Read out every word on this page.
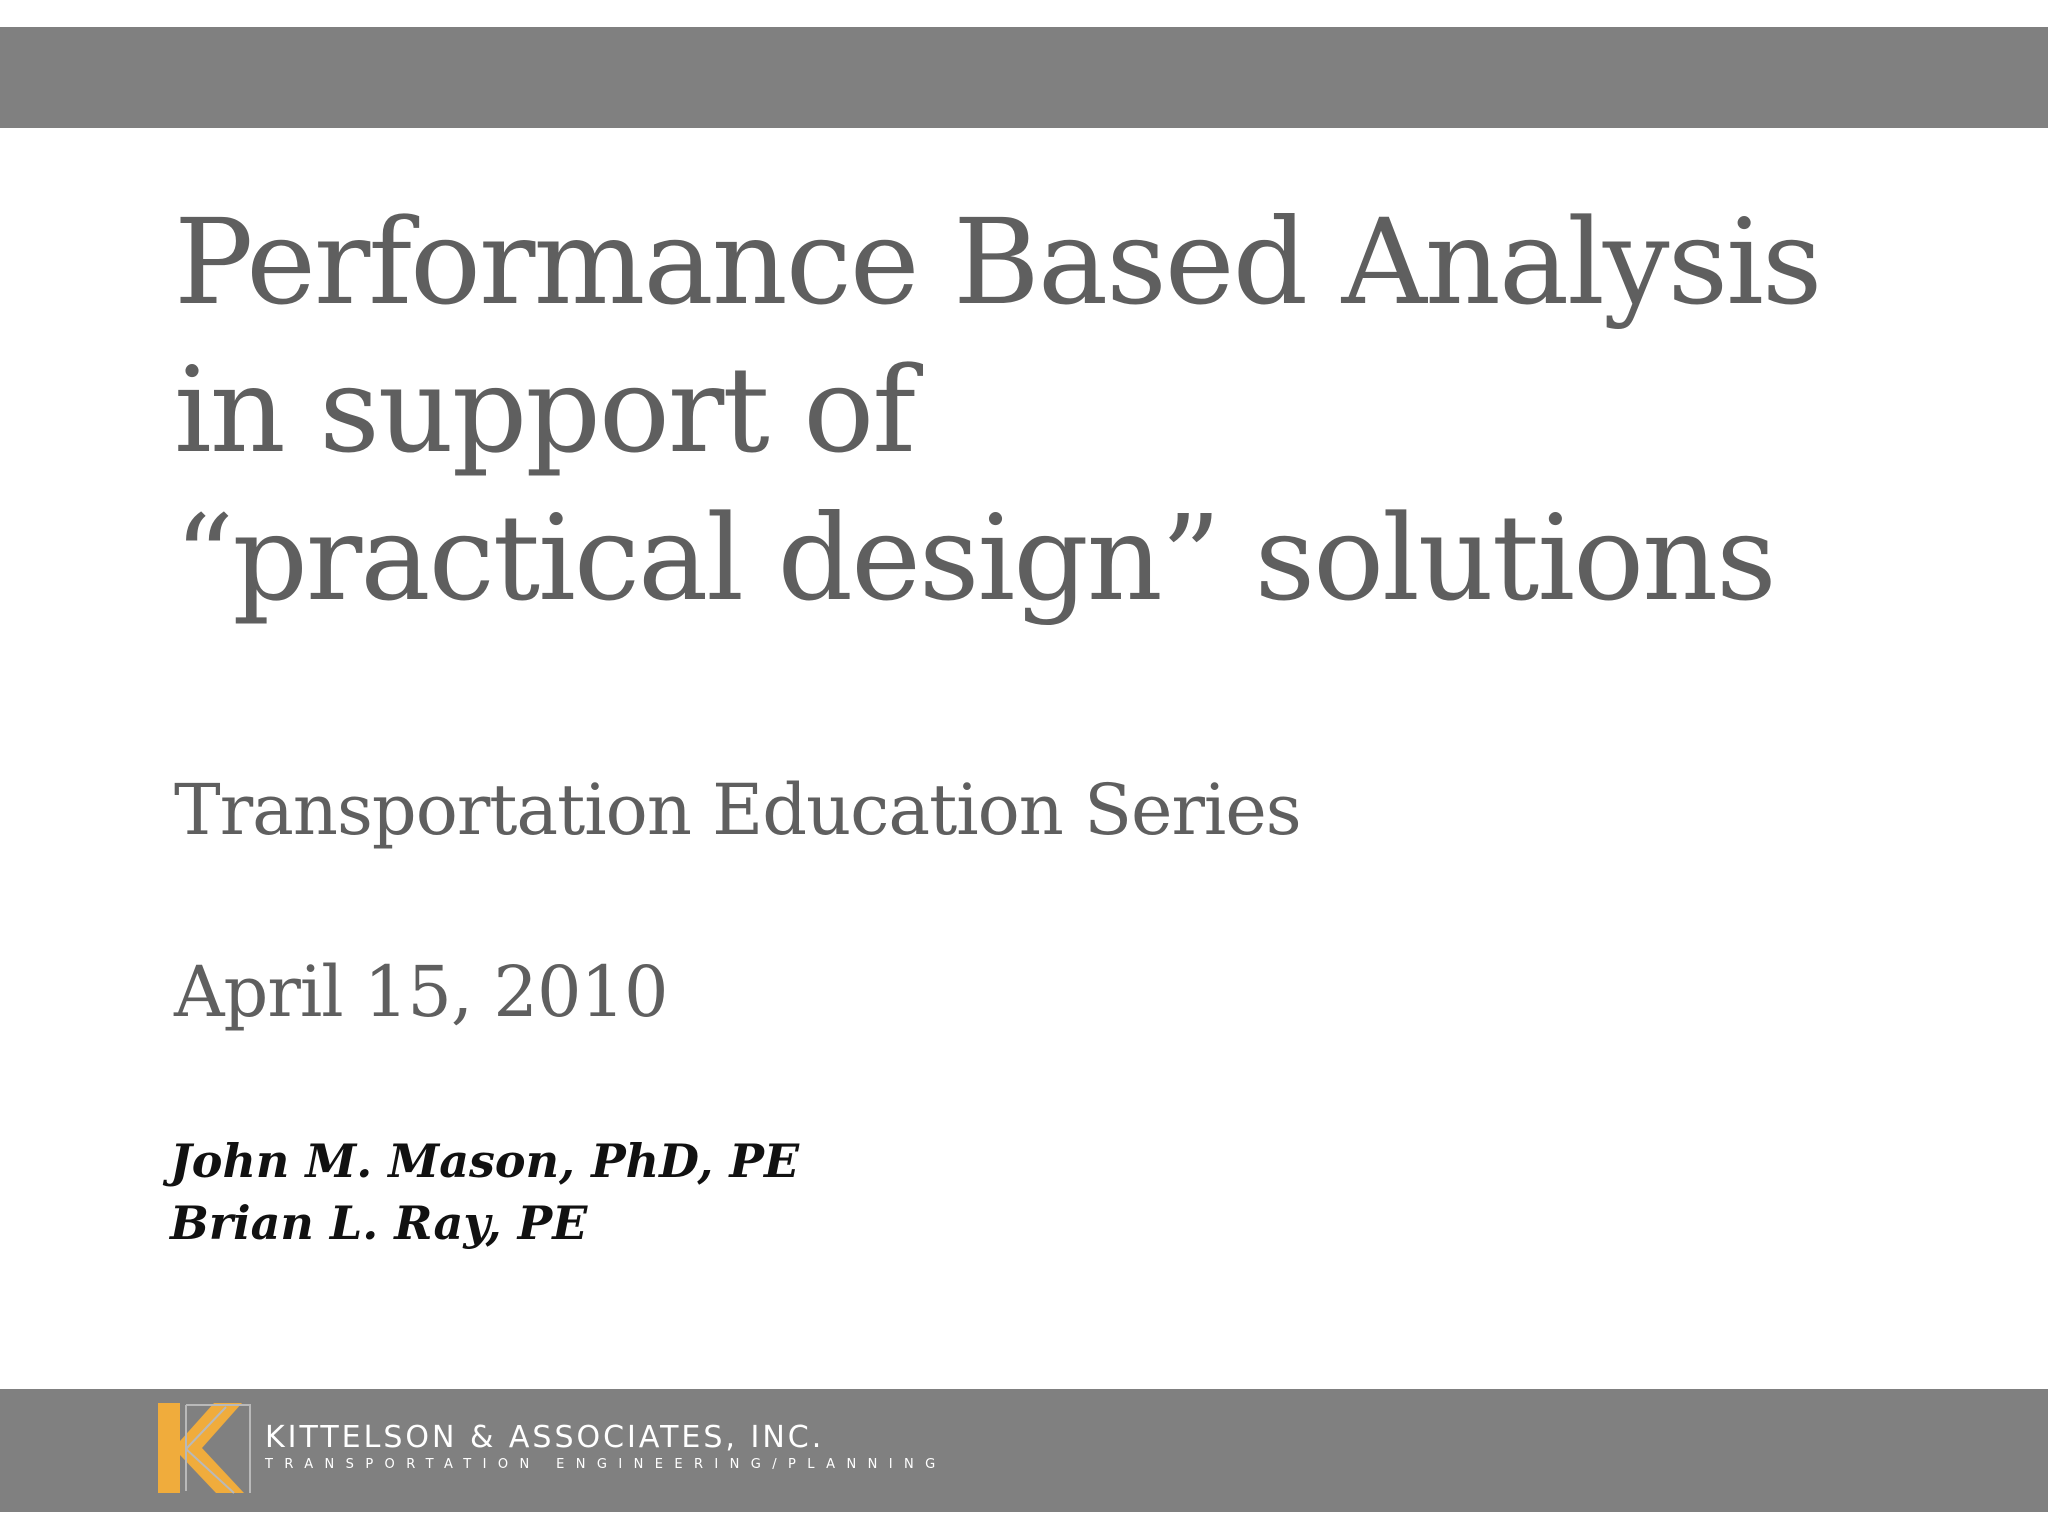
Performance Based Analysis
in support of
“practical design” solutions
Transportation Education Series
April 15, 2010
John M. Mason, PhD, PE
Brian L. Ray, PE
KITTELSON & ASSOCIATES, INC.
TRANSPORTATION ENGINEERING/PLANNING
